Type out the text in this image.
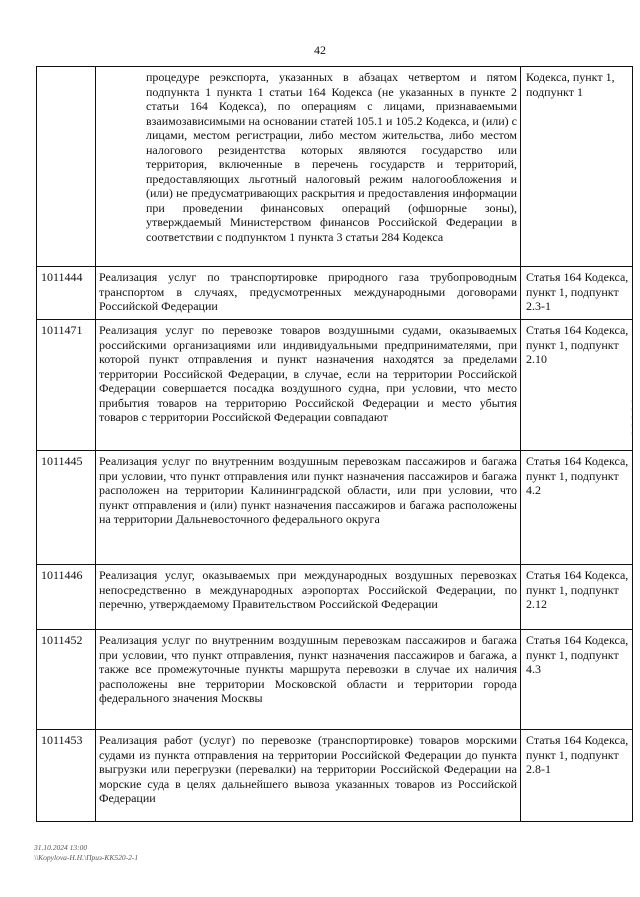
42
	процедуре реэкспорта, указанных в абзацах четвертом и пятом подпункта 1 пункта 1 статьи 164 Кодекса (не указанных в пункте 2 статьи 164 Кодекса), по операциям с лицами, признаваемыми взаимозависимыми на основании статей 105.1 и 105.2 Кодекса, и (или) с лицами, местом регистрации, либо местом жительства, либо местом налогового резидентства которых являются государство или территория, включенные в перечень государств и территорий, предоставляющих льготный налоговый режим налогообложения и (или) не предусматривающих раскрытия и предоставления информации при проведении финансовых операций (офшорные зоны), утверждаемый Министерством финансов Российской Федерации в соответствии с подпунктом 1 пункта 3 статьи 284 Кодекса	Кодекса, пункт 1, подпункт 1
1011444	Реализация услуг по транспортировке природного газа трубопроводным транспортом в случаях, предусмотренных международными договорами Российской Федерации	Статья 164 Кодекса, пункт 1, подпункт 2.3-1
1011471	Реализация услуг по перевозке товаров воздушными судами, оказываемых российскими организациями или индивидуальными предпринимателями, при которой пункт отправления и пункт назначения находятся за пределами территории Российской Федерации, в случае, если на территории Российской Федерации совершается посадка воздушного судна, при условии, что место прибытия товаров на территорию Российской Федерации и место убытия товаров с территории Российской Федерации совпадают	Статья 164 Кодекса, пункт 1, подпункт 2.10
1011445	Реализация услуг по внутренним воздушным перевозкам пассажиров и багажа при условии, что пункт отправления или пункт назначения пассажиров и багажа расположен на территории Калининградской области, или при условии, что пункт отправления и (или) пункт назначения пассажиров и багажа расположены на территории Дальневосточного федерального округа	Статья 164 Кодекса, пункт 1, подпункт 4.2
1011446	Реализация услуг, оказываемых при международных воздушных перевозках непосредственно в международных аэропортах Российской Федерации, по перечню, утверждаемому Правительством Российской Федерации	Статья 164 Кодекса, пункт 1, подпункт 2.12
1011452	Реализация услуг по внутренним воздушным перевозкам пассажиров и багажа при условии, что пункт отправления, пункт назначения пассажиров и багажа, а также все промежуточные пункты маршрута перевозки в случае их наличия расположены вне территории Московской области и территории города федерального значения Москвы	Статья 164 Кодекса, пункт 1, подпункт 4.3
1011453	Реализация работ (услуг) по перевозке (транспортировке) товаров морскими судами из пункта отправления на территории Российской Федерации до пункта выгрузки или перегрузки (перевалки) на территории Российской Федерации на морские суда в целях дальнейшего вывоза указанных товаров из Российской Федерации	Статья 164 Кодекса, пункт 1, подпункт 2.8-1
31.10.2024 13:00
\\Kopylova-Н.Н.\Приз-КК520-2-1
:
:
:
:
:
